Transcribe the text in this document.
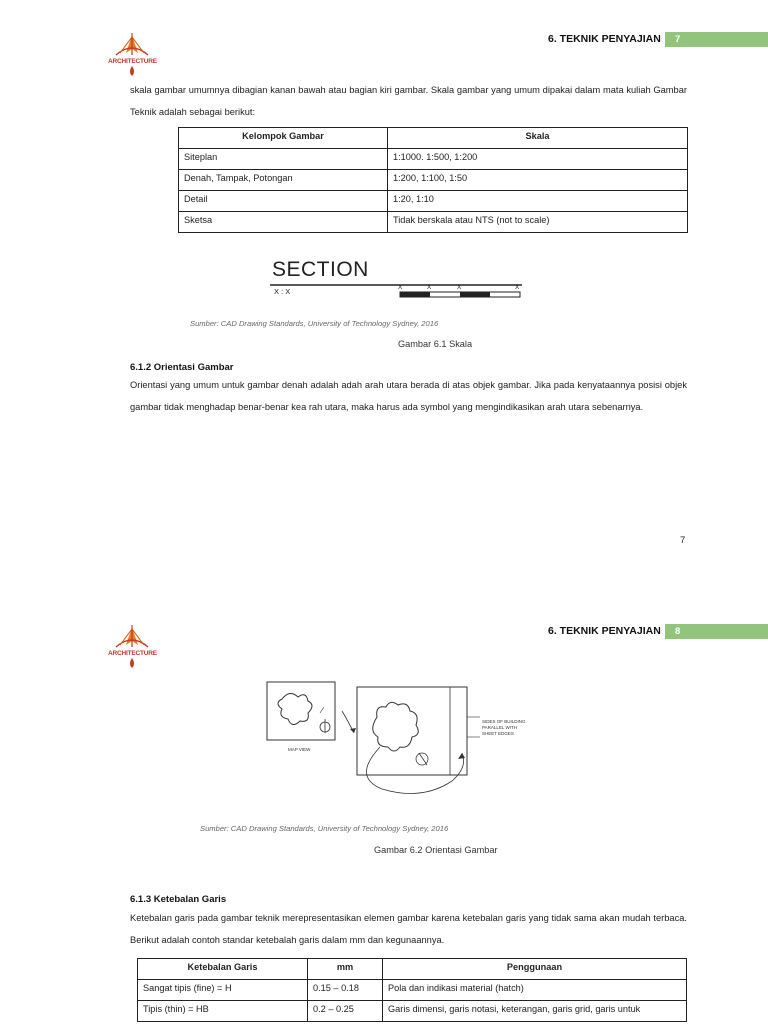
ARCHITECTURE
6. TEKNIK PENYAJIAN	7
skala gambar umumnya dibagian kanan bawah atau bagian kiri gambar. Skala gambar yang umum dipakai dalam mata kuliah Gambar Teknik adalah sebagai berikut:
Kelompok Gambar	Skala
Siteplan	1:1000. 1:500, 1:200
Denah, Tampak, Potongan	1:200, 1:100, 1:50
Detail	1:20, 1:10
Sketsa	Tidak berskala atau NTS (not to scale)
SECTION
X : X	X	X	X	X
Sumber: CAD Drawing Standards, University of Technology Sydney, 2016
Gambar 6.1 Skala
6.1.2 Orientasi Gambar
Orientasi yang umum untuk gambar denah adalah adah arah utara berada di atas objek gambar. Jika pada kenyataannya posisi objek gambar tidak menghadap benar-benar kea rah utara, maka harus ada symbol yang mengindikasikan arah utara sebenarnya.
7
ARCHITECTURE
6. TEKNIK PENYAJIAN	8
MAP VIEW
SIDES OF BUILDING
PARALLEL WITH
SHEET EDGES
Sumber: CAD Drawing Standards, University of Technology Sydney, 2016
Gambar 6.2 Orientasi Gambar
6.1.3 Ketebalan Garis
Ketebalan garis pada gambar teknik merepresentasikan elemen gambar karena ketebalan garis yang tidak sama akan mudah terbaca. Berikut adalah contoh standar ketebalah garis dalam mm dan kegunaannya.
Ketebalan Garis	mm	Penggunaan
Sangat tipis (fine) = H	0.15 – 0.18	Pola dan indikasi material (hatch)
Tipis (thin) = HB	0.2 – 0.25	Garis dimensi, garis notasi, keterangan, garis grid, garis untuk
